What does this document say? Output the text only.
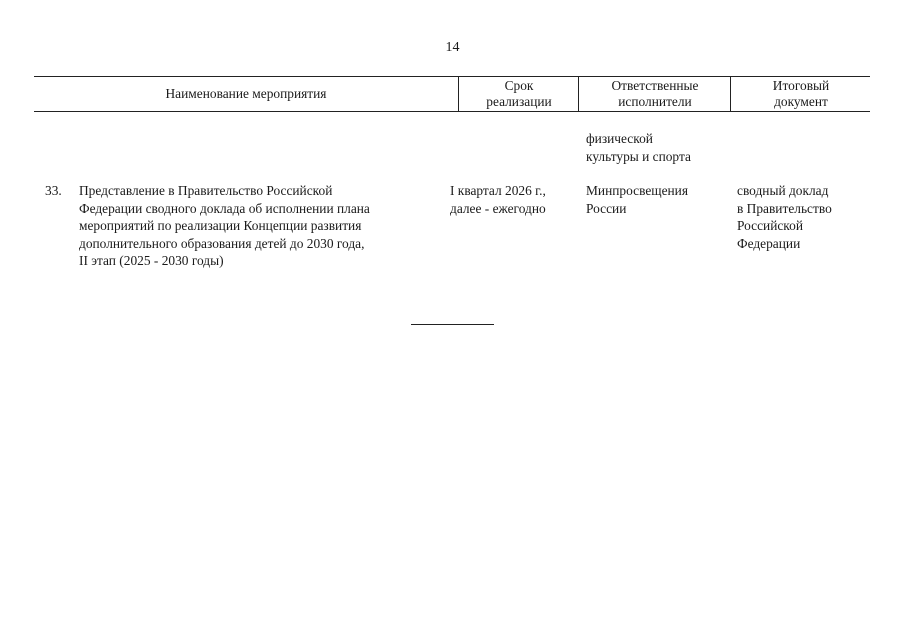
14
Наименование мероприятия
Срок
реализации
Ответственные
исполнители
Итоговый
документ
физической
культуры и спорта
33. Представление в Правительство Российской
Федерации сводного доклада об исполнении плана
мероприятий по реализации Концепции развития
дополнительного образования детей до 2030 года,
II этап (2025 - 2030 годы)
I квартал 2026 г.,
далее - ежегодно
Минпросвещения
России
сводный доклад
в Правительство
Российской
Федерации
